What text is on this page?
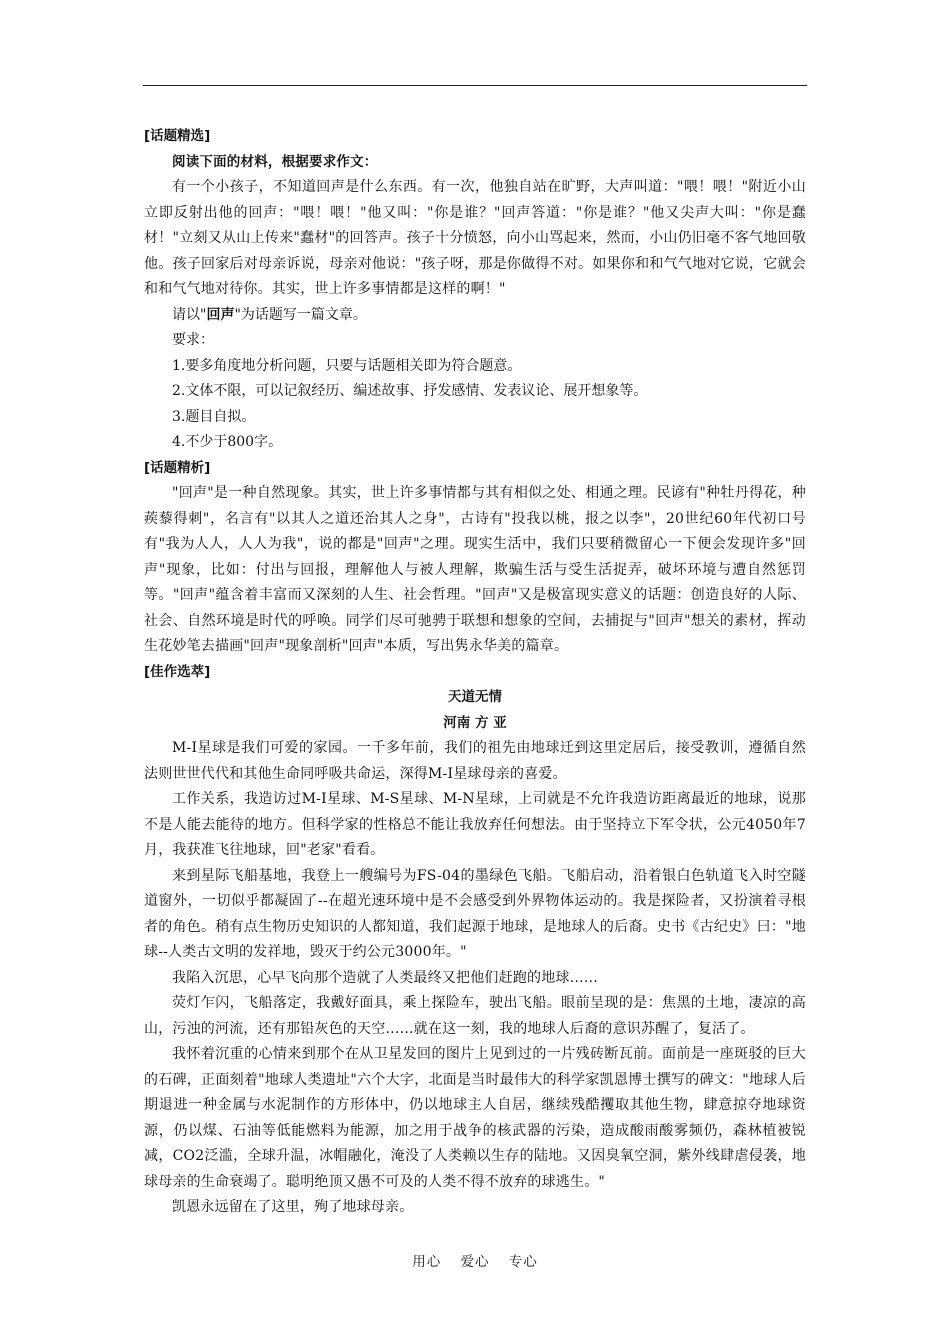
[话题精选]

阅读下面的材料，根据要求作文：

有一个小孩子，不知道回声是什么东西。有一次，他独自站在旷野，大声叫道："喂！喂！"附近小山立即反射出他的回声："喂！喂！"他又叫："你是谁？"回声答道："你是谁？"他又尖声大叫："你是蠢材！"立刻又从山上传来"蠢材"的回答声。孩子十分愤怒，向小山骂起来，然而，小山仍旧毫不客气地回敬他。孩子回家后对母亲诉说，母亲对他说："孩子呀，那是你做得不对。如果你和和气气地对它说，它就会和和气气地对待你。其实，世上许多事情都是这样的啊！"

请以"回声"为话题写一篇文章。

要求：

1.要多角度地分析问题，只要与话题相关即为符合题意。

2.文体不限，可以记叙经历、编述故事、抒发感情、发表议论、展开想象等。

3.题目自拟。

4.不少于800字。

[话题精析]

"回声"是一种自然现象。其实，世上许多事情都与其有相似之处、相通之理。民谚有"种牡丹得花，种蒺藜得刺"，名言有"以其人之道还治其人之身"，古诗有"投我以桃，报之以李"，20世纪60年代初口号有"我为人人，人人为我"，说的都是"回声"之理。现实生活中，我们只要稍微留心一下便会发现许多"回声"现象，比如：付出与回报，理解他人与被人理解，欺骗生活与受生活捉弄，破坏环境与遭自然惩罚等。"回声"蕴含着丰富而又深刻的人生、社会哲理。"回声"又是极富现实意义的话题：创造良好的人际、社会、自然环境是时代的呼唤。同学们尽可驰骋于联想和想象的空间，去捕捉与"回声"想关的素材，挥动生花妙笔去描画"回声"现象剖析"回声"本质，写出隽永华美的篇章。

[佳作选萃]

天道无情

河南 方 亚

M-I星球是我们可爱的家园。一千多年前，我们的祖先由地球迁到这里定居后，接受教训，遵循自然法则世世代代和其他生命同呼吸共命运，深得M-I星球母亲的喜爱。

工作关系，我造访过M-I星球、M-S星球、M-N星球，上司就是不允许我造访距离最近的地球，说那不是人能去能待的地方。但科学家的性格总不能让我放弃任何想法。由于坚持立下军令状，公元4050年7月，我获准飞往地球，回"老家"看看。

来到星际飞船基地，我登上一艘编号为FS-04的墨绿色飞船。飞船启动，沿着银白色轨道飞入时空隧道窗外，一切似乎都凝固了--在超光速环境中是不会感受到外界物体运动的。我是探险者，又扮演着寻根者的角色。稍有点生物历史知识的人都知道，我们起源于地球，是地球人的后裔。史书《古纪史》曰："地球--人类古文明的发祥地，毁灭于约公元3000年。"

我陷入沉思，心早飞向那个造就了人类最终又把他们赶跑的地球……

荧灯乍闪，飞船落定，我戴好面具，乘上探险车，驶出飞船。眼前呈现的是：焦黑的土地，凄凉的高山，污浊的河流，还有那铅灰色的天空……就在这一刻，我的地球人后裔的意识苏醒了，复活了。

我怀着沉重的心情来到那个在从卫星发回的图片上见到过的一片残砖断瓦前。面前是一座斑驳的巨大的石碑，正面刻着"地球人类遗址"六个大字，北面是当时最伟大的科学家凯恩博士撰写的碑文："地球人后期退进一种金属与水泥制作的方形体中，仍以地球主人自居，继续残酷攫取其他生物，肆意掠夺地球资源，仍以煤、石油等低能燃料为能源，加之用于战争的核武器的污染，造成酸雨酸雾频仍，森林植被锐减，CO2泛滥，全球升温，冰帽融化，淹没了人类赖以生存的陆地。又因臭氧空洞，紫外线肆虐侵袭，地球母亲的生命衰竭了。聪明绝顶又愚不可及的人类不得不放弃的球逃生。"

凯恩永远留在了这里，殉了地球母亲。

用心 爱心 专心
